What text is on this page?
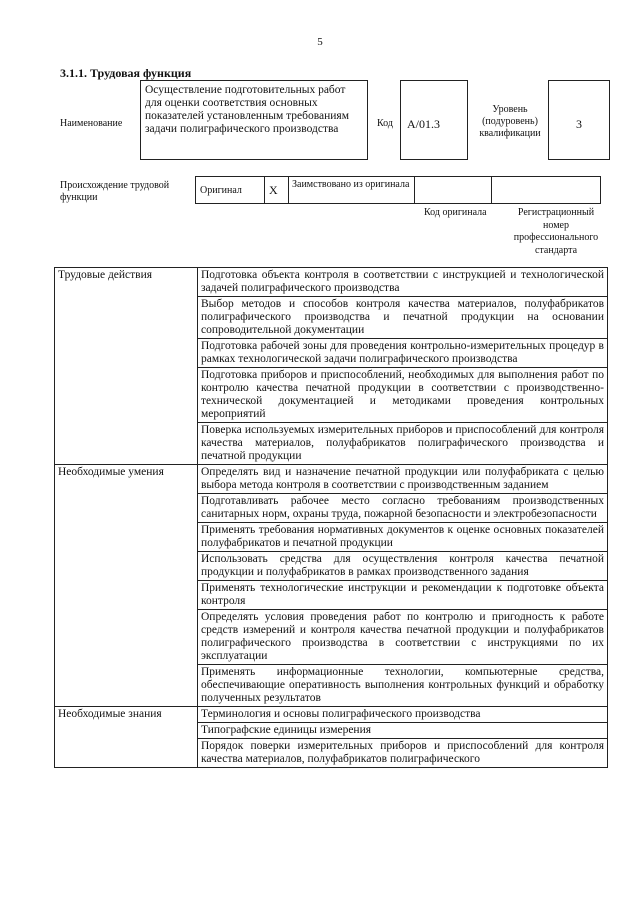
5
3.1.1. Трудовая функция
Наименование
Осуществление подготовительных работ для оценки соответствия основных показателей установленным требованиям задачи полиграфического производства	Код	A/01.3
Уровень (подуровень) квалификации
3
Происхождение трудовой функции
Оригинал	X	Заимствовано из оригинала
Код оригинала	Регистрационный номер профессионального стандарта
Трудовые действия	Подготовка объекта контроля в соответствии с инструкцией и технологической задачей полиграфического производства
	Выбор методов и способов контроля качества материалов, полуфабрикатов полиграфического производства и печатной продукции на основании сопроводительной документации
	Подготовка рабочей зоны для проведения контрольно-измерительных процедур в рамках технологической задачи полиграфического производства
	Подготовка приборов и приспособлений, необходимых для выполнения работ по контролю качества печатной продукции в соответствии с производственно-технической документацией и методиками проведения контрольных мероприятий
	Поверка используемых измерительных приборов и приспособлений для контроля качества материалов, полуфабрикатов полиграфического производства и печатной продукции
Необходимые умения	Определять вид и назначение печатной продукции или полуфабриката с целью выбора метода контроля в соответствии с производственным заданием
	Подготавливать рабочее место согласно требованиям производственных санитарных норм, охраны труда, пожарной безопасности и электробезопасности
	Применять требования нормативных документов к оценке основных показателей полуфабрикатов и печатной продукции
	Использовать средства для осуществления контроля качества печатной продукции и полуфабрикатов в рамках производственного задания
	Применять технологические инструкции и рекомендации к подготовке объекта контроля
	Определять условия проведения работ по контролю и пригодность к работе средств измерений и контроля качества печатной продукции и полуфабрикатов полиграфического производства в соответствии с инструкциями по их эксплуатации
	Применять информационные технологии, компьютерные средства, обеспечивающие оперативность выполнения контрольных функций и обработку полученных результатов
Необходимые знания	Терминология и основы полиграфического производства
	Типографские единицы измерения
	Порядок поверки измерительных приборов и приспособлений для контроля качества материалов, полуфабрикатов полиграфического
